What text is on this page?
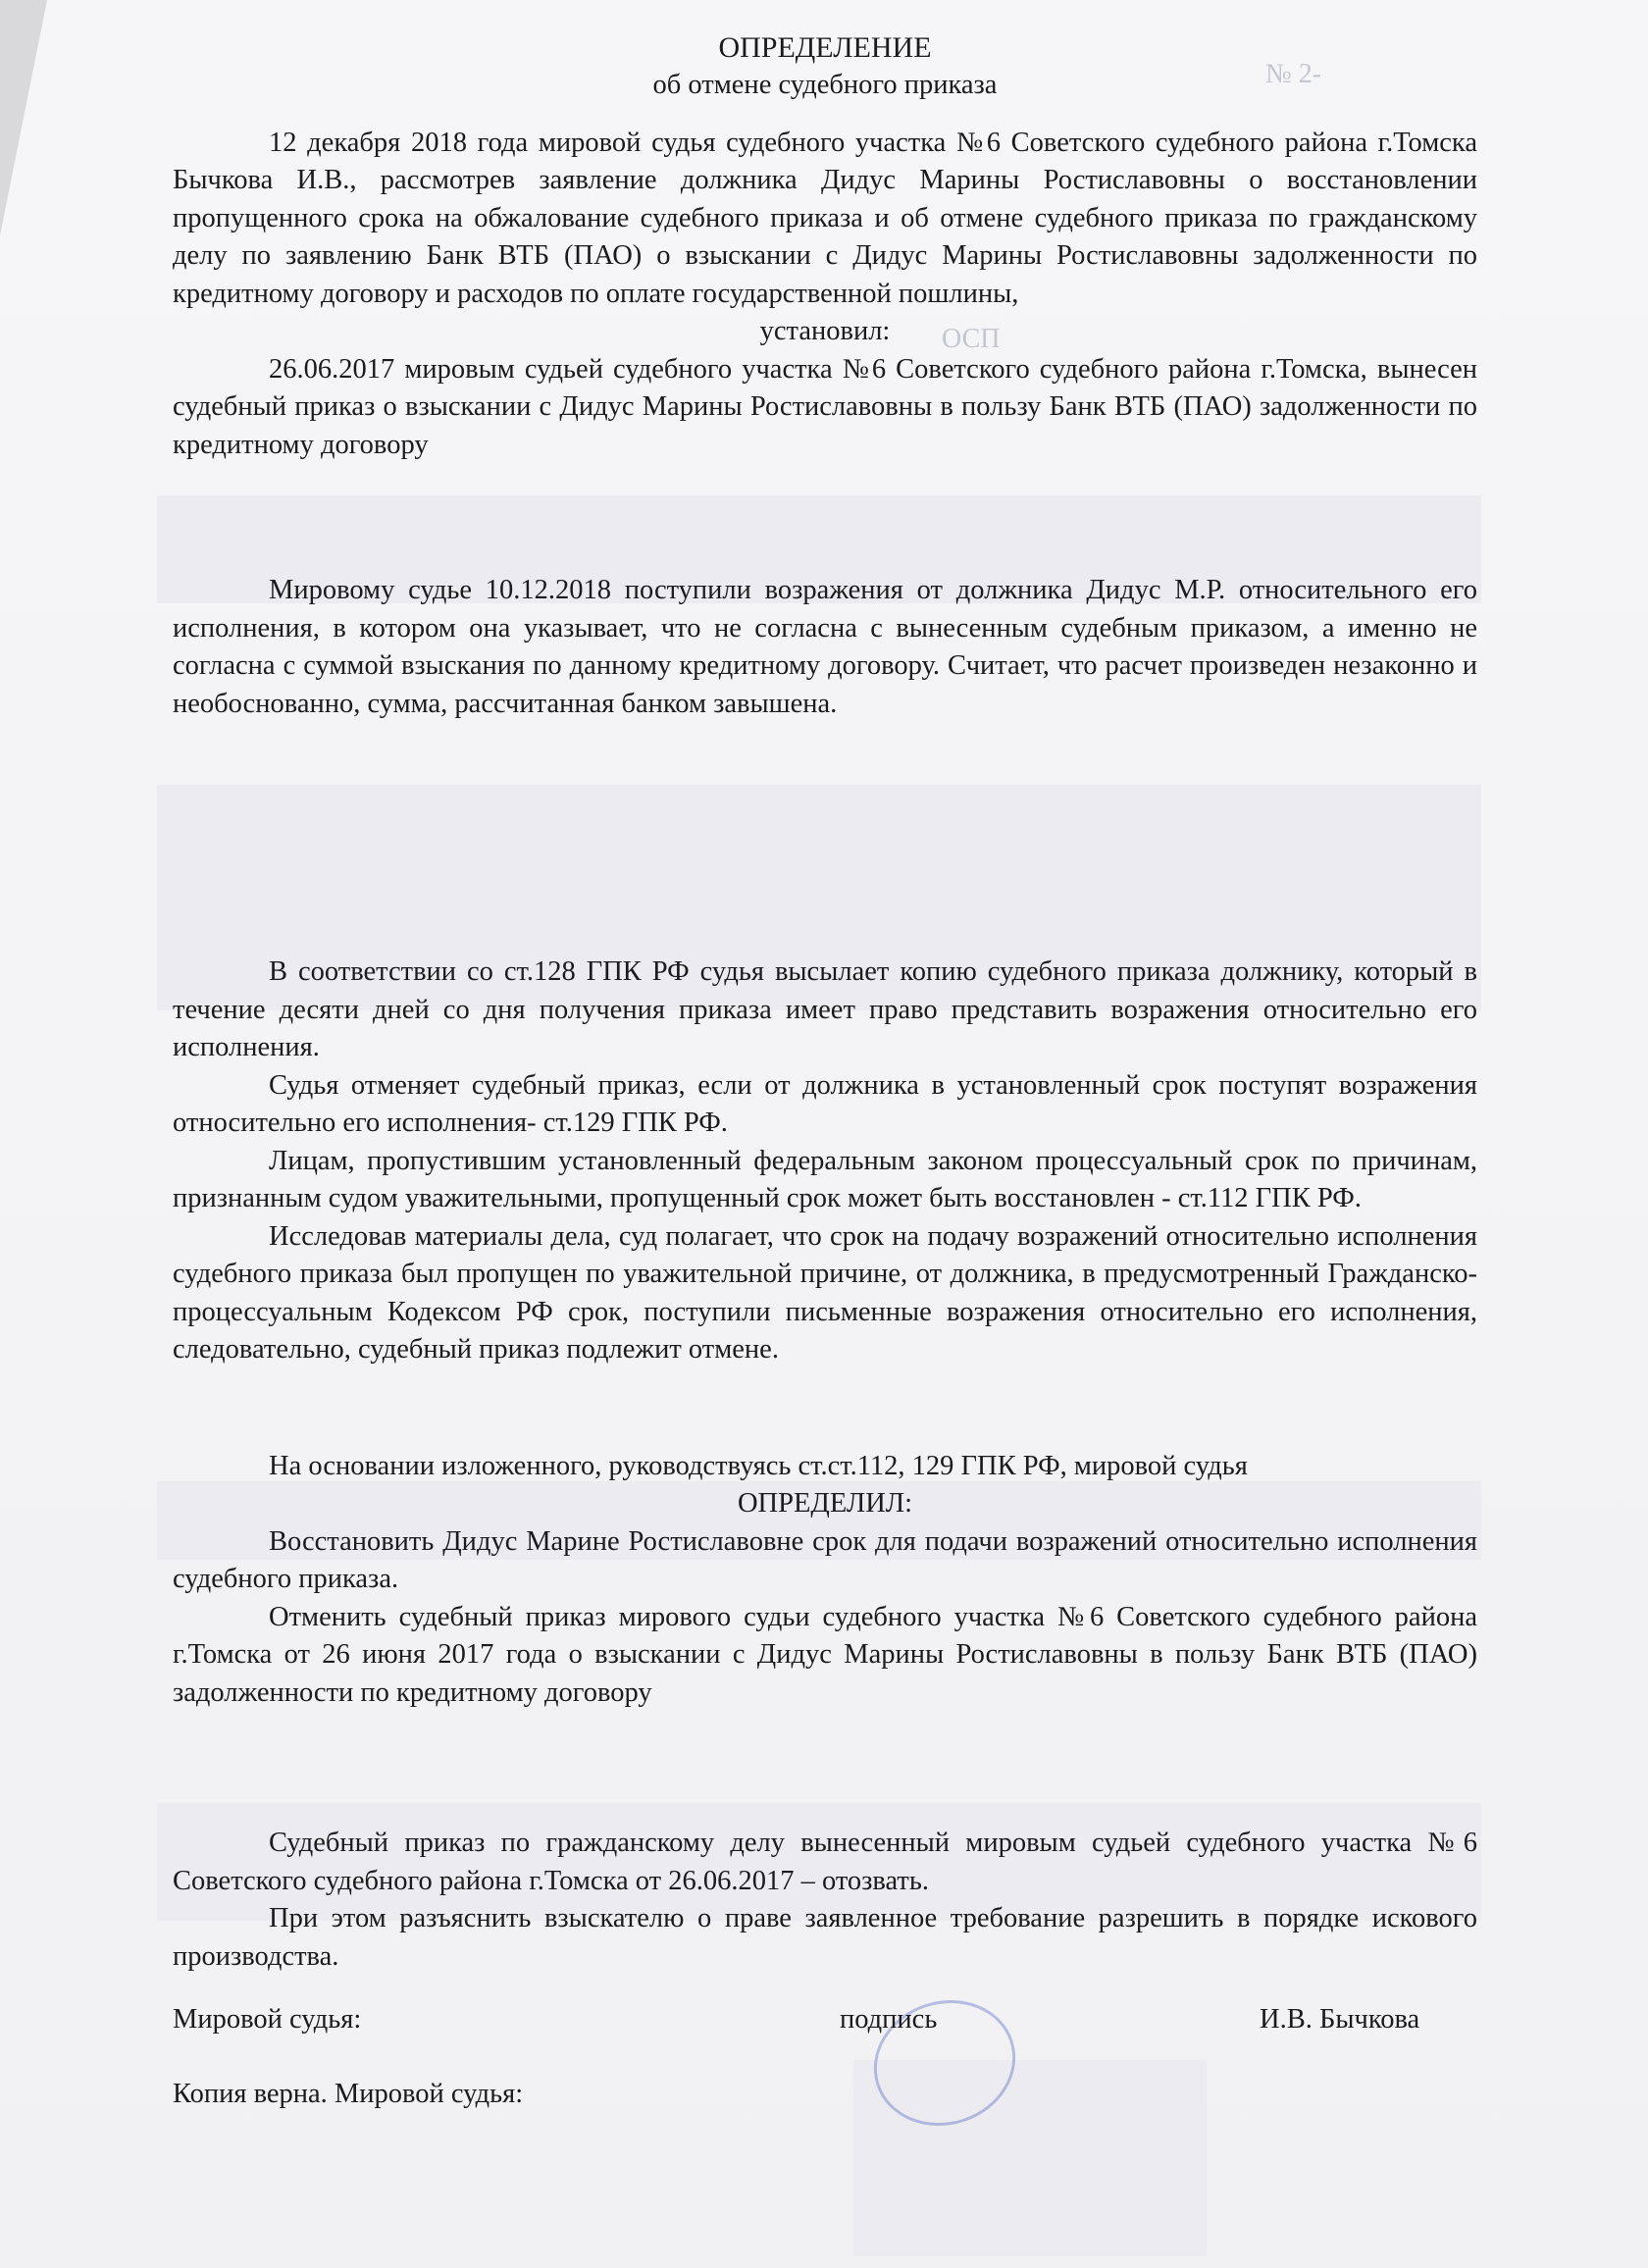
№ 2-
ОСП
ОПРЕДЕЛЕНИЕ
об отмене судебного приказа

12 декабря 2018 года мировой судья судебного участка №6 Советского судебного района г.Томска Бычкова И.В., рассмотрев заявление должника Дидус Марины Ростиславовны о восстановлении пропущенного срока на обжалование судебного приказа и об отмене судебного приказа по гражданскому делу по заявлению Банк ВТБ (ПАО) о взыскании с Дидус Марины Ростиславовны задолженности по кредитному договору и расходов по оплате государственной пошлины,

установил:

26.06.2017 мировым судьей судебного участка №6 Советского судебного района г.Томска, вынесен судебный приказ о взыскании с Дидус Марины Ростиславовны в пользу Банк ВТБ (ПАО) задолженности по кредитному договору

Мировому судье 10.12.2018 поступили возражения от должника Дидус М.Р. относительного его исполнения, в котором она указывает, что не согласна с вынесенным судебным приказом, а именно не согласна с суммой взыскания по данному кредитному договору. Считает, что расчет произведен незаконно и необоснованно, сумма, рассчитанная банком завышена.

В соответствии со ст.128 ГПК РФ судья высылает копию судебного приказа должнику, который в течение десяти дней со дня получения приказа имеет право представить возражения относительно его исполнения.

Судья отменяет судебный приказ, если от должника в установленный срок поступят возражения относительно его исполнения- ст.129 ГПК РФ.

Лицам, пропустившим установленный федеральным законом процессуальный срок по причинам, признанным судом уважительными, пропущенный срок может быть восстановлен - ст.112 ГПК РФ.

Исследовав материалы дела, суд полагает, что срок на подачу возражений относительно исполнения судебного приказа был пропущен по уважительной причине, от должника, в предусмотренный Гражданско-процессуальным Кодексом РФ срок, поступили письменные возражения относительно его исполнения, следовательно, судебный приказ подлежит отмене.

На основании изложенного, руководствуясь ст.ст.112, 129 ГПК РФ, мировой судья

ОПРЕДЕЛИЛ:

Восстановить Дидус Марине Ростиславовне срок для подачи возражений относительно исполнения судебного приказа.

Отменить судебный приказ мирового судьи судебного участка №6 Советского судебного района г.Томска от 26 июня 2017 года о взыскании с Дидус Марины Ростиславовны в пользу Банк ВТБ (ПАО) задолженности по кредитному договору

Судебный приказ по гражданскому делу вынесенный мировым судьей судебного участка №6 Советского судебного района г.Томска от 26.06.2017 – отозвать.

При этом разъяснить взыскателю о праве заявленное требование разрешить в порядке искового производства.

Мировой судья:	подпись	И.В. Бычкова
Копия верна. Мировой судья:
